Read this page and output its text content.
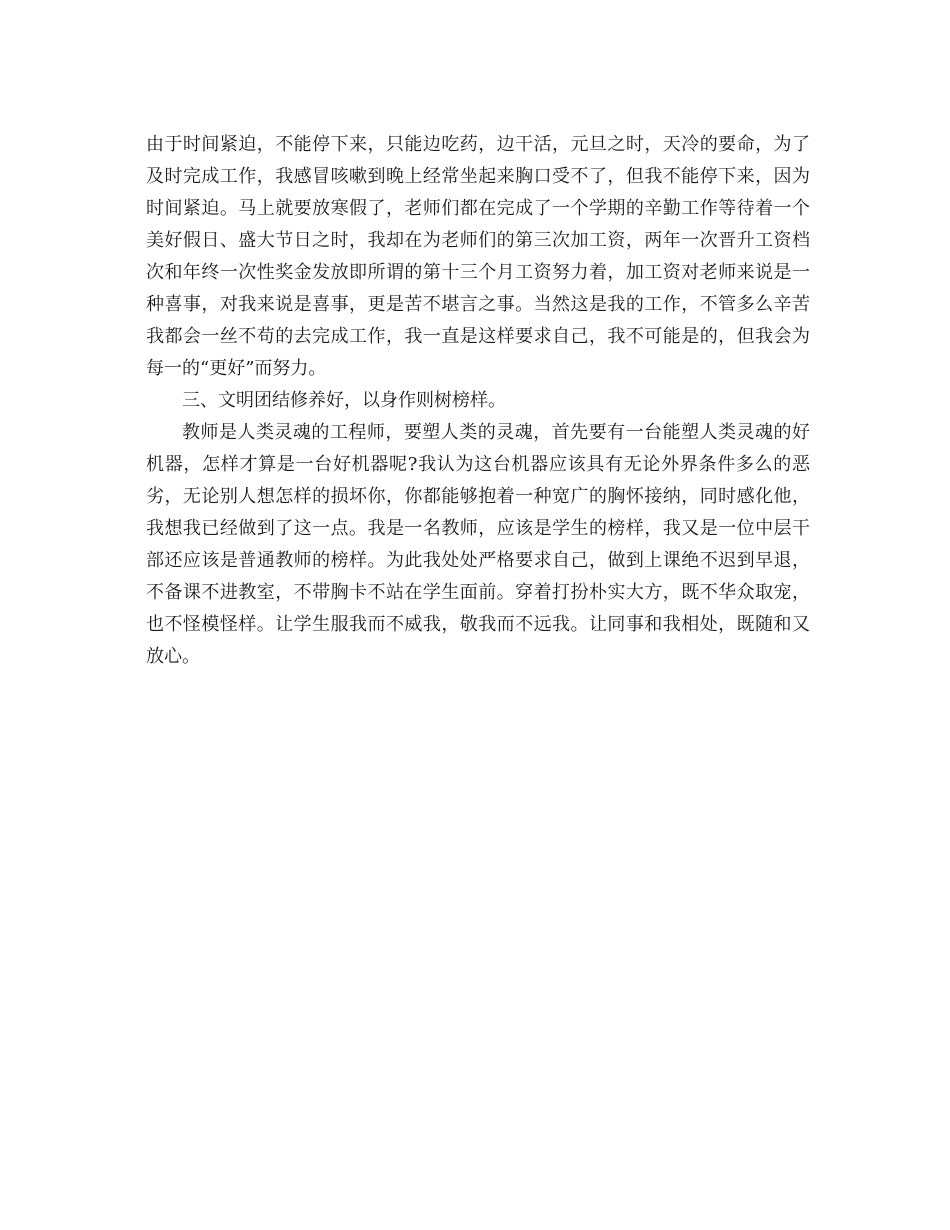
由于时间紧迫，不能停下来，只能边吃药，边干活，元旦之时，天冷的要命，为了及时完成工作，我感冒咳嗽到晚上经常坐起来胸口受不了，但我不能停下来，因为时间紧迫。马上就要放寒假了，老师们都在完成了一个学期的辛勤工作等待着一个美好假日、盛大节日之时，我却在为老师们的第三次加工资，两年一次晋升工资档次和年终一次性奖金发放即所谓的第十三个月工资努力着，加工资对老师来说是一种喜事，对我来说是喜事，更是苦不堪言之事。当然这是我的工作，不管多么辛苦我都会一丝不苟的去完成工作，我一直是这样要求自己，我不可能是的，但我会为每一的“更好”而努力。

三、文明团结修养好，以身作则树榜样。

教师是人类灵魂的工程师，要塑人类的灵魂，首先要有一台能塑人类灵魂的好机器，怎样才算是一台好机器呢?我认为这台机器应该具有无论外界条件多么的恶劣，无论别人想怎样的损坏你，你都能够抱着一种宽广的胸怀接纳，同时感化他，我想我已经做到了这一点。我是一名教师，应该是学生的榜样，我又是一位中层干部还应该是普通教师的榜样。为此我处处严格要求自己，做到上课绝不迟到早退，不备课不进教室，不带胸卡不站在学生面前。穿着打扮朴实大方，既不华众取宠，也不怪模怪样。让学生服我而不威我，敬我而不远我。让同事和我相处，既随和又放心。
